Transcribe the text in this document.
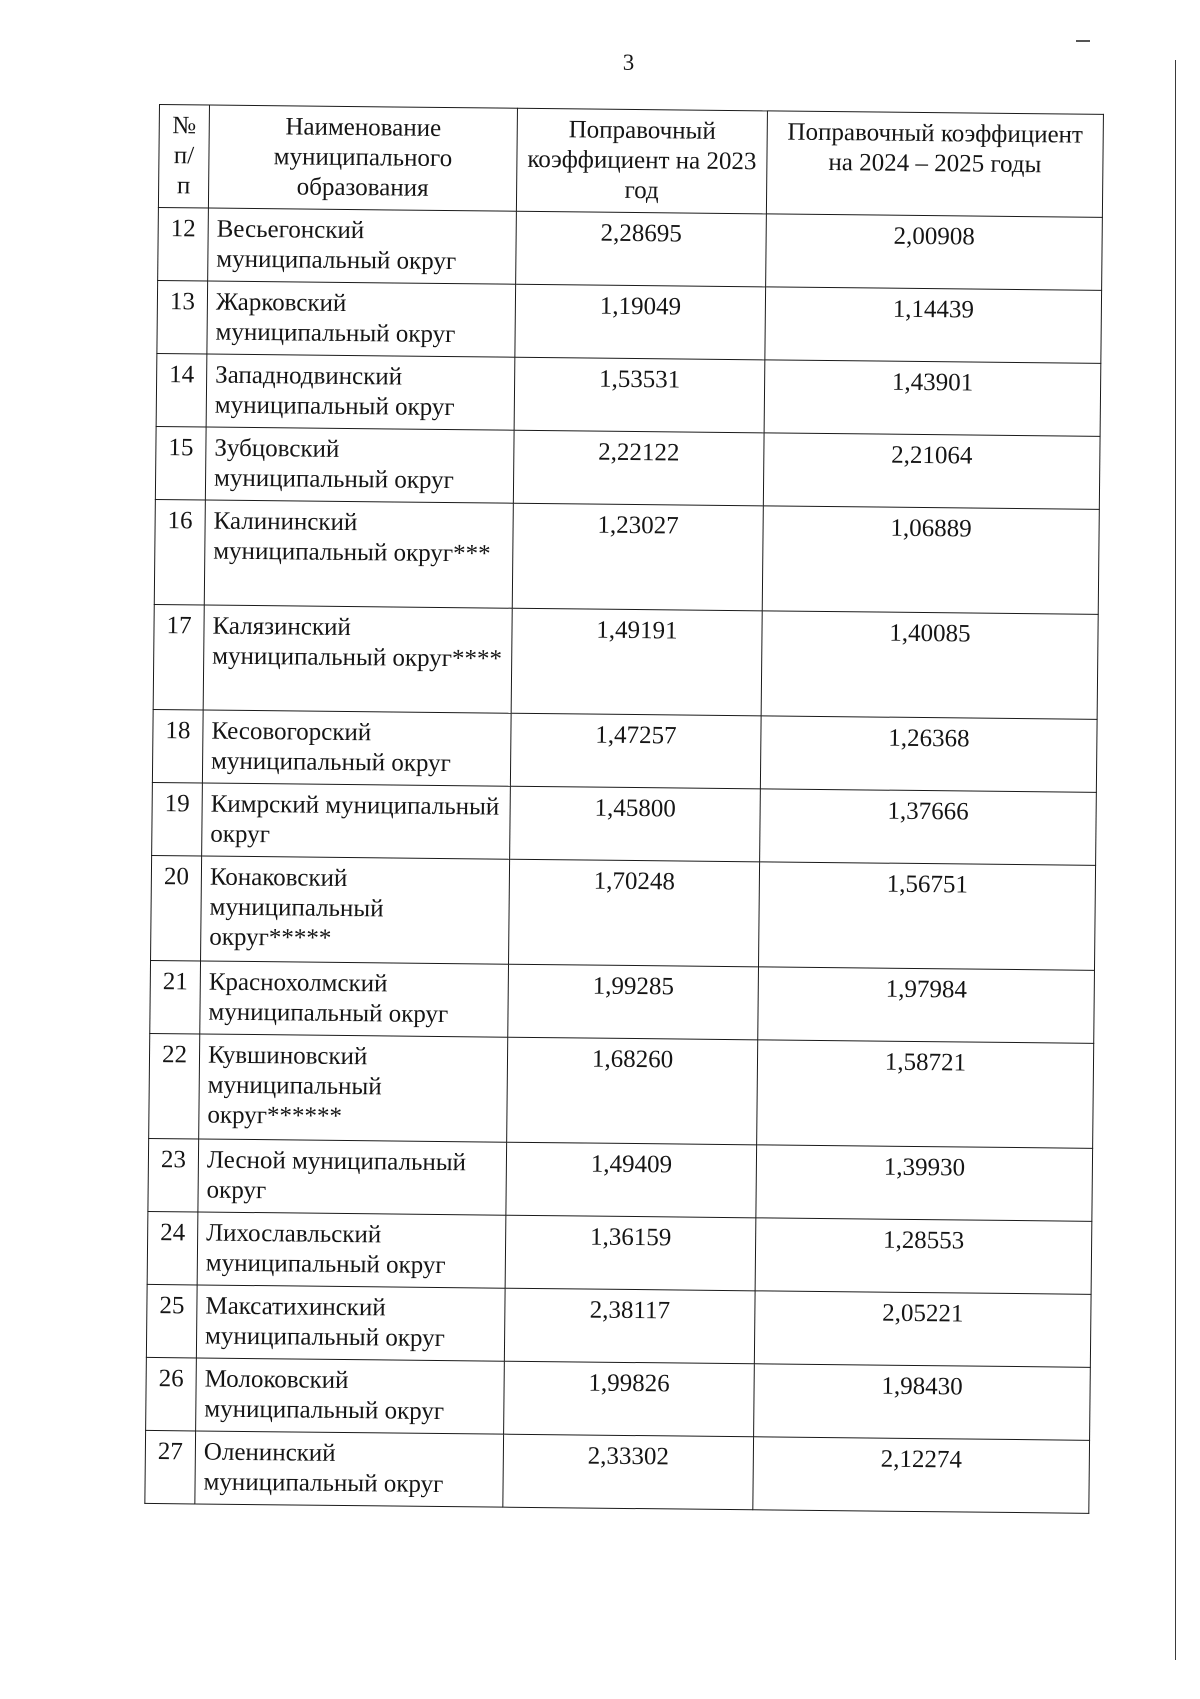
3
№ п/п	Наименование муниципального образования	Поправочный коэффициент на 2023 год	Поправочный коэффициент на 2024 – 2025 годы
12	Весьегонский муниципальный округ	2,28695	2,00908
13	Жарковский муниципальный округ	1,19049	1,14439
14	Западнодвинский муниципальный округ	1,53531	1,43901
15	Зубцовский муниципальный округ	2,22122	2,21064
16	Калининский муниципальный округ***	1,23027	1,06889
17	Калязинский муниципальный округ****	1,49191	1,40085
18	Кесовогорский муниципальный округ	1,47257	1,26368
19	Кимрский муниципальный округ	1,45800	1,37666
20	Конаковский муниципальный округ*****	1,70248	1,56751
21	Краснохолмский муниципальный округ	1,99285	1,97984
22	Кувшиновский муниципальный округ******	1,68260	1,58721
23	Лесной муниципальный округ	1,49409	1,39930
24	Лихославльский муниципальный округ	1,36159	1,28553
25	Максатихинский муниципальный округ	2,38117	2,05221
26	Молоковский муниципальный округ	1,99826	1,98430
27	Оленинский муниципальный округ	2,33302	2,12274
